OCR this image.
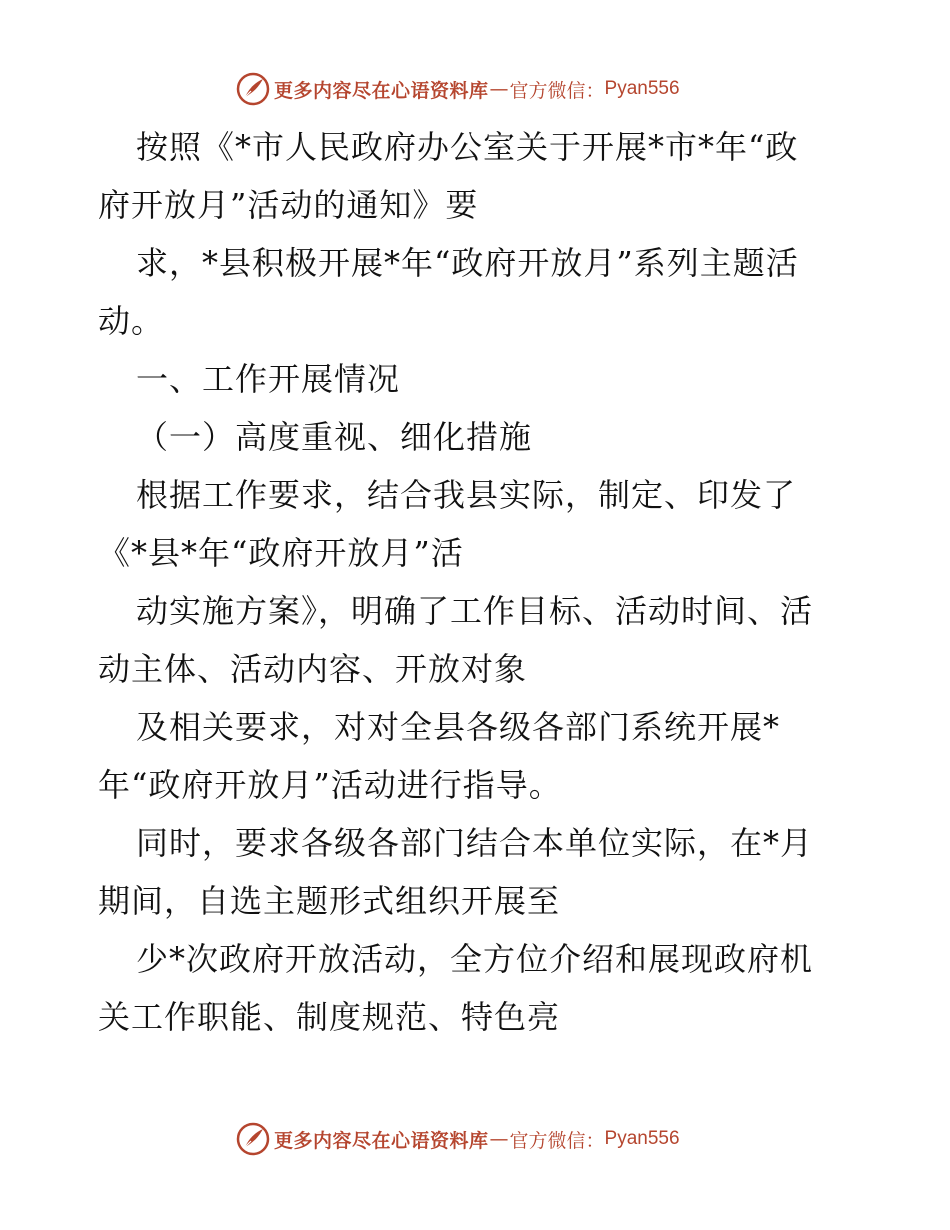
更多内容尽在心语资料库 — 官方微信： Pyan556
按照《*市人民政府办公室关于开展*市*年“政
府开放月”活动的通知》要
求，*县积极开展*年“政府开放月”系列主题活
动。
一、工作开展情况
（一）高度重视、细化措施
根据工作要求，结合我县实际，制定、印发了
《*县*年“政府开放月”活
动实施方案》，明确了工作目标、活动时间、活
动主体、活动内容、开放对象
及相关要求，对对全县各级各部门系统开展*
年“政府开放月”活动进行指导。
同时，要求各级各部门结合本单位实际，在*月
期间，自选主题形式组织开展至
少*次政府开放活动，全方位介绍和展现政府机
关工作职能、制度规范、特色亮
更多内容尽在心语资料库 — 官方微信： Pyan556
